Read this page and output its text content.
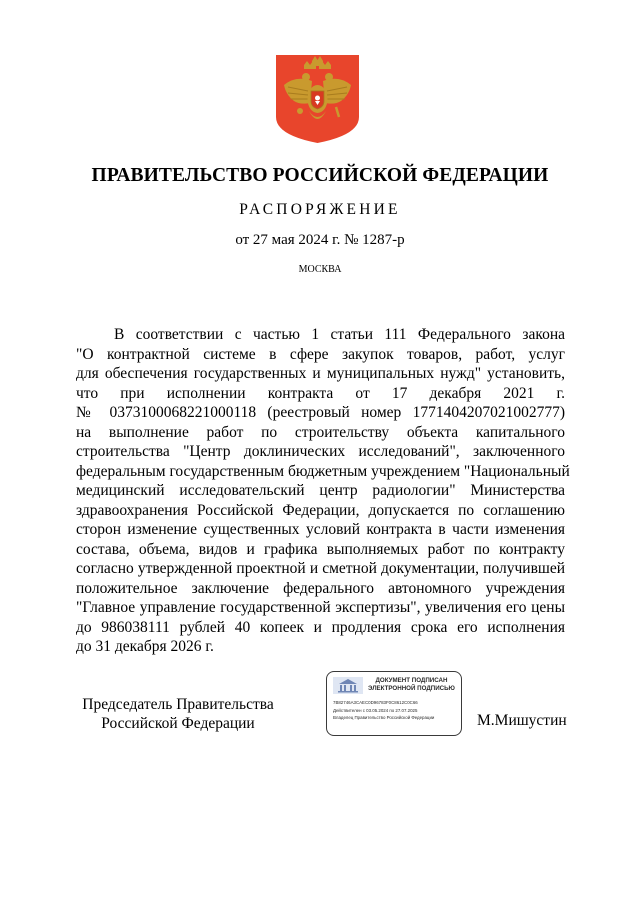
ПРАВИТЕЛЬСТВО РОССИЙСКОЙ ФЕДЕРАЦИИ
РАСПОРЯЖЕНИЕ
от 27 мая 2024 г. № 1287-р
МОСКВА
В соответствии с частью 1 статьи 111 Федерального закона
"О контрактной системе в сфере закупок товаров, работ, услуг
для обеспечения государственных и муниципальных нужд" установить,
что при исполнении контракта от 17 декабря 2021 г.
№ 0373100068221000118 (реестровый номер 1771404207021002777)
на выполнение работ по строительству объекта капитального
строительства "Центр доклинических исследований", заключенного
федеральным государственным бюджетным учреждением "Национальный
медицинский исследовательский центр радиологии" Министерства
здравоохранения Российской Федерации, допускается по соглашению
сторон изменение существенных условий контракта в части изменения
состава, объема, видов и графика выполняемых работ по контракту
согласно утвержденной проектной и сметной документации, получившей
положительное заключение федерального автономного учреждения
"Главное управление государственной экспертизы", увеличения его цены
до 986038111 рублей 40 копеек и продления срока его исполнения
до 31 декабря 2026 г.
Председатель Правительства
Российской Федерации
ДОКУМЕНТ ПОДПИСАН
ЭЛЕКТРОННОЙ ПОДПИСЬЮ
7B82746A3CAEC0D96783F0C8612C0C66
Действителен с 03.05.2024 по 27.07.2025
Владелец Правительство Российской Федерации	М.Мишустин
